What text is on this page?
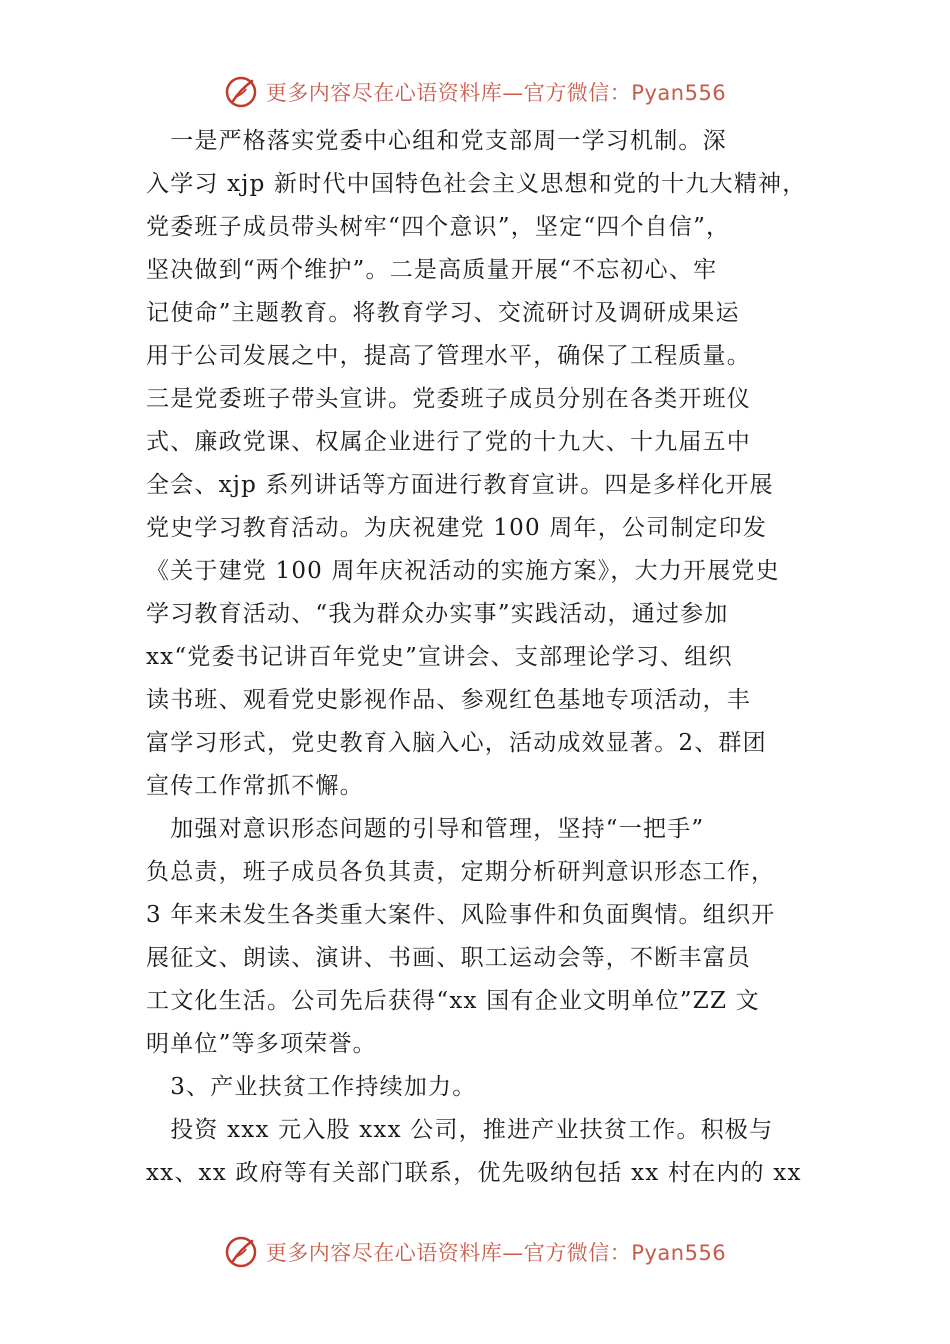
更多内容尽在心语资料库—官方微信：Pyan556
　一是严格落实党委中心组和党支部周一学习机制。深
入学习 xjp 新时代中国特色社会主义思想和党的十九大精神，
党委班子成员带头树牢“四个意识”，坚定“四个自信”，
坚决做到“两个维护”。二是高质量开展“不忘初心、牢
记使命”主题教育。将教育学习、交流研讨及调研成果运
用于公司发展之中，提高了管理水平，确保了工程质量。
三是党委班子带头宣讲。党委班子成员分别在各类开班仪
式、廉政党课、权属企业进行了党的十九大、十九届五中
全会、xjp 系列讲话等方面进行教育宣讲。四是多样化开展
党史学习教育活动。为庆祝建党 100 周年，公司制定印发
《关于建党 100 周年庆祝活动的实施方案》，大力开展党史
学习教育活动、“我为群众办实事”实践活动，通过参加
xx“党委书记讲百年党史”宣讲会、支部理论学习、组织
读书班、观看党史影视作品、参观红色基地专项活动，丰
富学习形式，党史教育入脑入心，活动成效显著。2、群团
宣传工作常抓不懈。
　加强对意识形态问题的引导和管理，坚持“一把手”
负总责，班子成员各负其责，定期分析研判意识形态工作，
3 年来未发生各类重大案件、风险事件和负面舆情。组织开
展征文、朗读、演讲、书画、职工运动会等，不断丰富员
工文化生活。公司先后获得“xx 国有企业文明单位”ZZ 文
明单位”等多项荣誉。
　3、产业扶贫工作持续加力。
　投资 xxx 元入股 xxx 公司，推进产业扶贫工作。积极与
xx、xx 政府等有关部门联系，优先吸纳包括 xx 村在内的 xx
更多内容尽在心语资料库—官方微信：Pyan556
